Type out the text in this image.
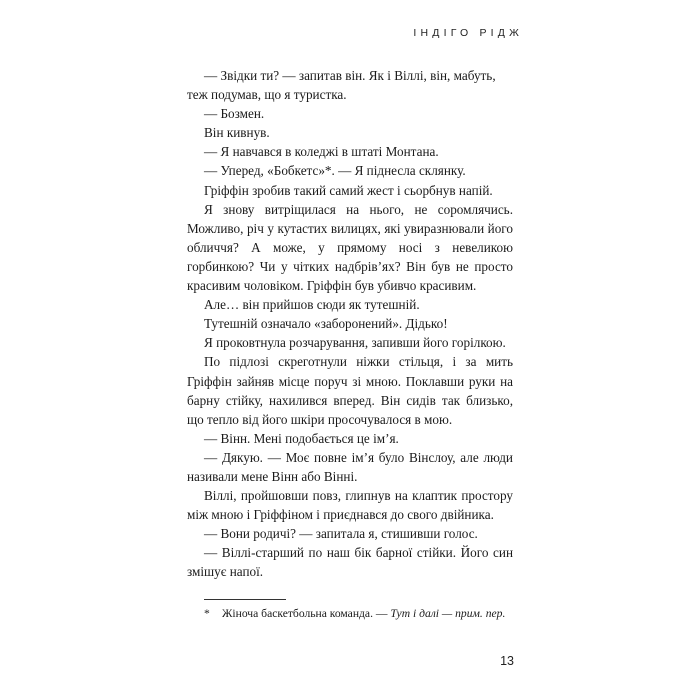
ІНДІГО РІДЖ

— Звідки ти? — запитав він. Як і Віллі, він, мабуть, теж подумав, що я туристка.

— Бозмен.

Він кивнув.

— Я навчався в коледжі в штаті Монтана.

— Уперед, «Бобкетс»*. — Я піднесла склянку.

Гріффін зробив такий самий жест і сьорбнув напій.

Я знову витріщилася на нього, не соромлячись. Можливо, річ у кутастих вилицях, які увиразнювали його обличчя? А може, у прямому носі з невеликою горбинкою? Чи у чітких надбрів’ях? Він був не просто красивим чоловіком. Гріффін був убивчо красивим.

Але… він прийшов сюди як тутешній.

Тутешній означало «заборонений». Дідько!

Я проковтнула розчарування, запивши його горілкою.

По підлозі скреготнули ніжки стільця, і за мить Гріффін зайняв місце поруч зі мною. Поклавши руки на барну стійку, нахилився вперед. Він сидів так близько, що тепло від його шкіри просочувалося в мою.

— Вінн. Мені подобається це ім’я.

— Дякую. — Моє повне ім’я було Вінслоу, але люди називали мене Вінн або Вінні.

Віллі, пройшовши повз, глипнув на клаптик простору між мною і Гріффіном і приєднався до свого двійника.

— Вони родичі? — запитала я, стишивши голос.

— Віллі-старший по наш бік барної стійки. Його син змішує напої.

* Жіноча баскетбольна команда. — Тут і далі — прим. пер.
13
